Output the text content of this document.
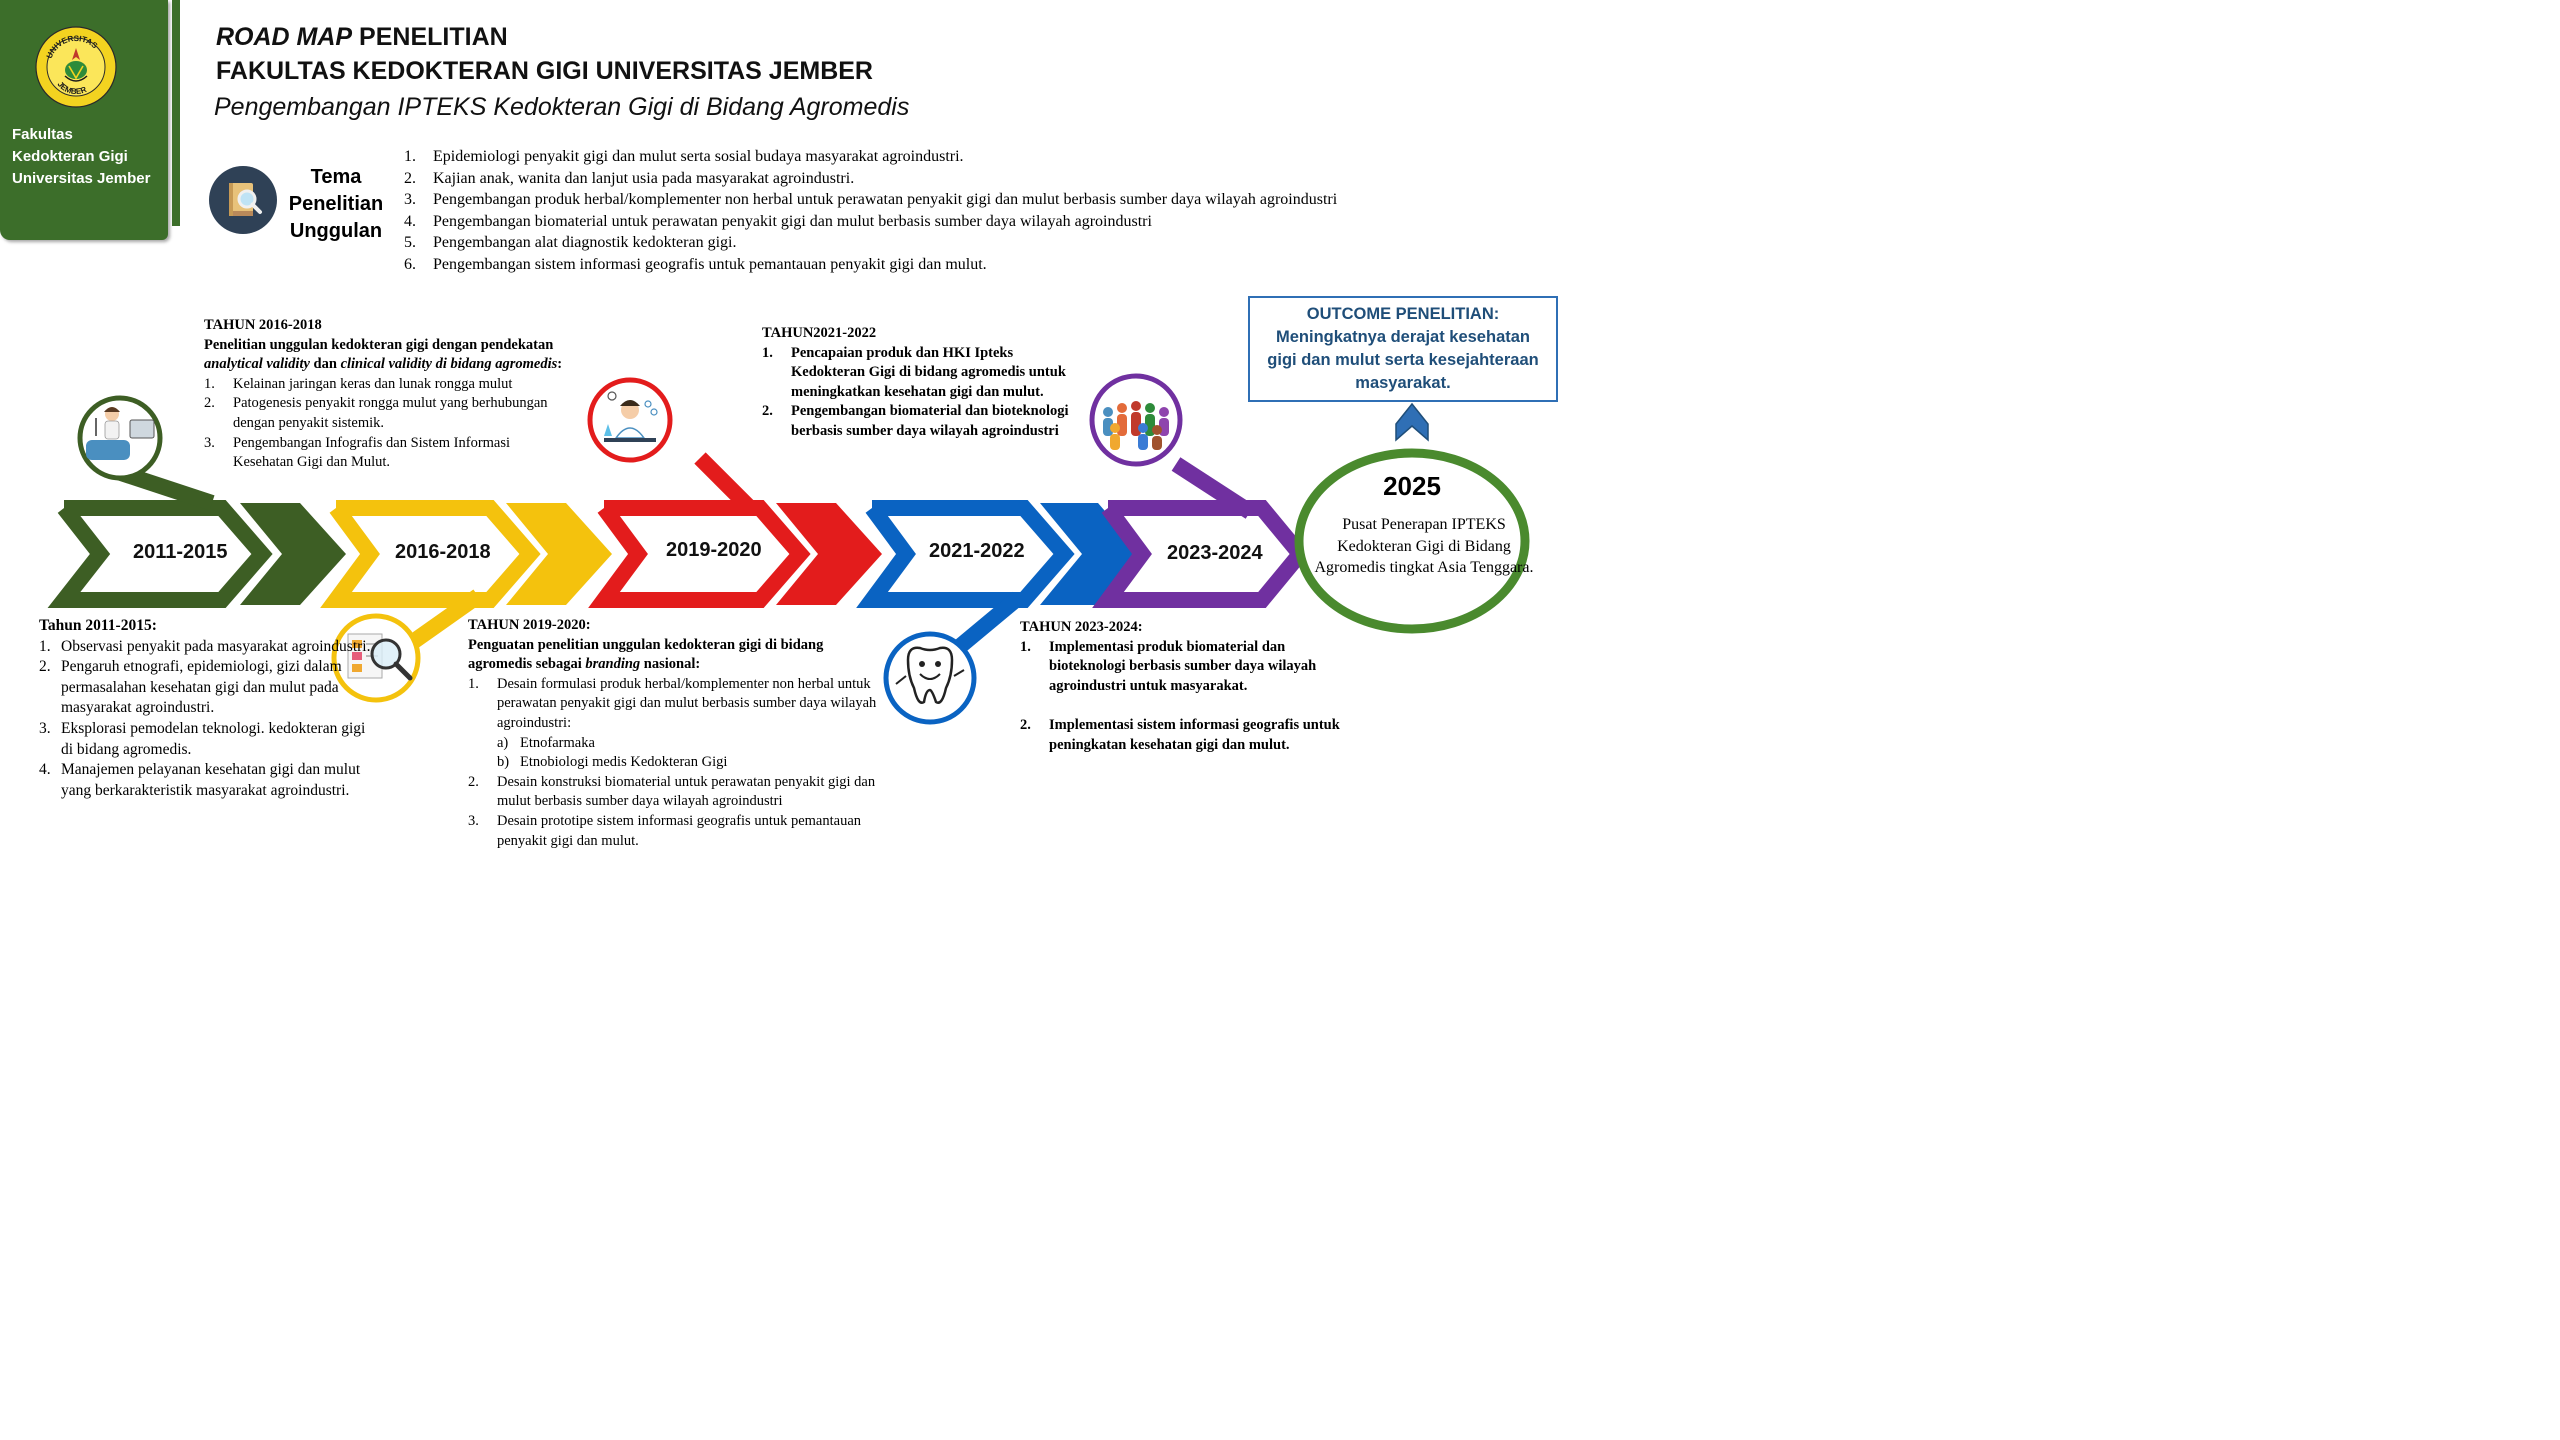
UNIVERSITAS
JEMBER
Fakultas
Kedokteran Gigi
Universitas Jember
ROAD MAP PENELITIAN
FAKULTAS KEDOKTERAN GIGI UNIVERSITAS JEMBER
Pengembangan IPTEKS Kedokteran Gigi di Bidang Agromedis
Tema
Penelitian
Unggulan
1. Epidemiologi penyakit gigi dan mulut serta sosial budaya masyarakat agroindustri.
2. Kajian anak, wanita dan lanjut usia pada masyarakat agroindustri.
3. Pengembangan produk herbal/komplementer non herbal untuk perawatan penyakit gigi dan mulut berbasis sumber daya wilayah agroindustri
4. Pengembangan biomaterial untuk perawatan penyakit gigi dan mulut berbasis sumber daya wilayah agroindustri
5. Pengembangan alat diagnostik kedokteran gigi.
6. Pengembangan sistem informasi geografis untuk pemantauan penyakit gigi dan mulut.
2011-2015	2016-2018	2019-2020	2021-2022	2023-2024
TAHUN 2016-2018
Penelitian unggulan kedokteran gigi dengan pendekatan analytical validity dan clinical validity di bidang agromedis:
1. Kelainan jaringan keras dan lunak rongga mulut
2. Patogenesis penyakit rongga mulut yang berhubungan dengan penyakit sistemik.
3. Pengembangan Infografis dan Sistem Informasi Kesehatan Gigi dan Mulut.
TAHUN2021-2022
1. Pencapaian produk dan HKI Ipteks Kedokteran Gigi di bidang agromedis untuk meningkatkan kesehatan gigi dan mulut.
2. Pengembangan biomaterial dan bioteknologi berbasis sumber daya wilayah agroindustri
Tahun 2011-2015:
1. Observasi penyakit pada masyarakat agroindustri.
2. Pengaruh etnografi, epidemiologi, gizi dalam permasalahan kesehatan gigi dan mulut pada masyarakat agroindustri.
3. Eksplorasi pemodelan teknologi. kedokteran gigi di bidang agromedis.
4. Manajemen pelayanan kesehatan gigi dan mulut yang berkarakteristik masyarakat agroindustri.
TAHUN 2019-2020:
Penguatan penelitian unggulan kedokteran gigi di bidang agromedis sebagai branding nasional:
1. Desain formulasi produk herbal/komplementer non herbal untuk perawatan penyakit gigi dan mulut berbasis sumber daya wilayah agroindustri:
a) Etnofarmaka
b) Etnobiologi medis Kedokteran Gigi
2. Desain konstruksi biomaterial untuk perawatan penyakit gigi dan mulut berbasis sumber daya wilayah agroindustri
3. Desain prototipe sistem informasi geografis untuk pemantauan penyakit gigi dan mulut.
TAHUN 2023-2024:
1. Implementasi produk biomaterial dan bioteknologi berbasis sumber daya wilayah agroindustri untuk masyarakat.
2. Implementasi sistem informasi geografis untuk peningkatan kesehatan gigi dan mulut.
OUTCOME PENELITIAN:
Meningkatnya derajat kesehatan
gigi dan mulut serta kesejahteraan
masyarakat.
2025
Pusat Penerapan IPTEKS Kedokteran Gigi di Bidang Agromedis tingkat Asia Tenggara.
